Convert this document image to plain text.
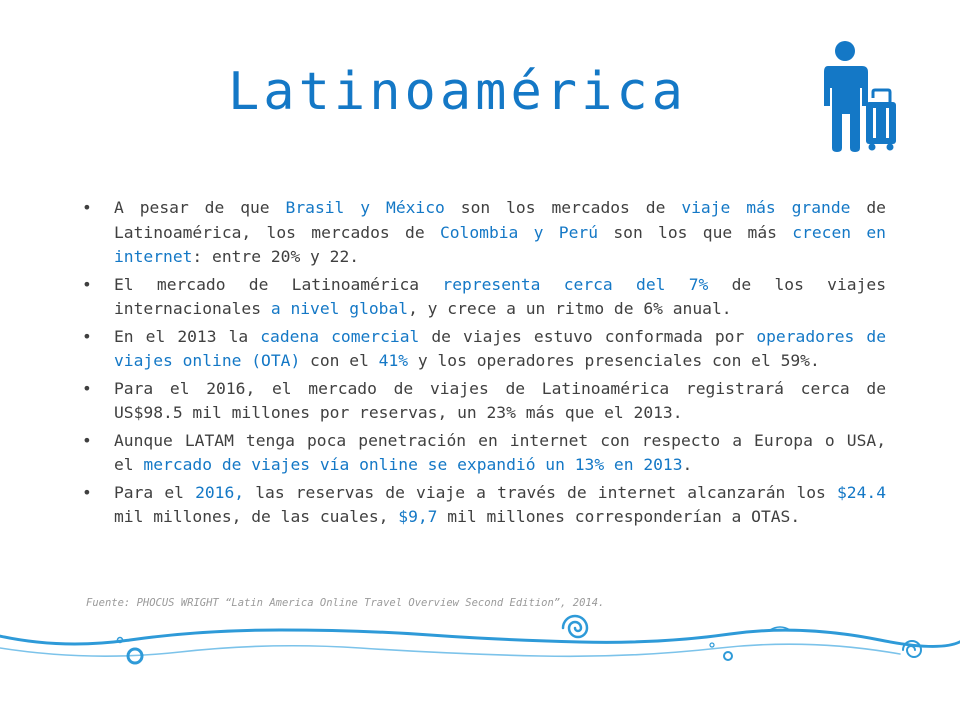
Latinoamérica
• A pesar de que Brasil y México son los mercados de viaje más grande de Latinoamérica, los mercados de Colombia y Perú son los que más crecen en internet: entre 20% y 22.
• El mercado de Latinoamérica representa cerca del 7% de los viajes internacionales a nivel global, y crece a un ritmo de 6% anual.
• En el 2013 la cadena comercial de viajes estuvo conformada por operadores de viajes online (OTA) con el 41% y los operadores presenciales con el 59%.
• Para el 2016, el mercado de viajes de Latinoamérica registrará cerca de US$98.5 mil millones por reservas, un 23% más que el 2013.
• Aunque LATAM tenga poca penetración en internet con respecto a Europa o USA, el mercado de viajes vía online se expandió un 13% en 2013.
• Para el 2016, las reservas de viaje a través de internet alcanzarán los $24.4 mil millones, de las cuales, $9,7 mil millones corresponderían a OTAS.
Fuente: PHOCUS WRIGHT “Latin America Online Travel Overview Second Edition”, 2014.
